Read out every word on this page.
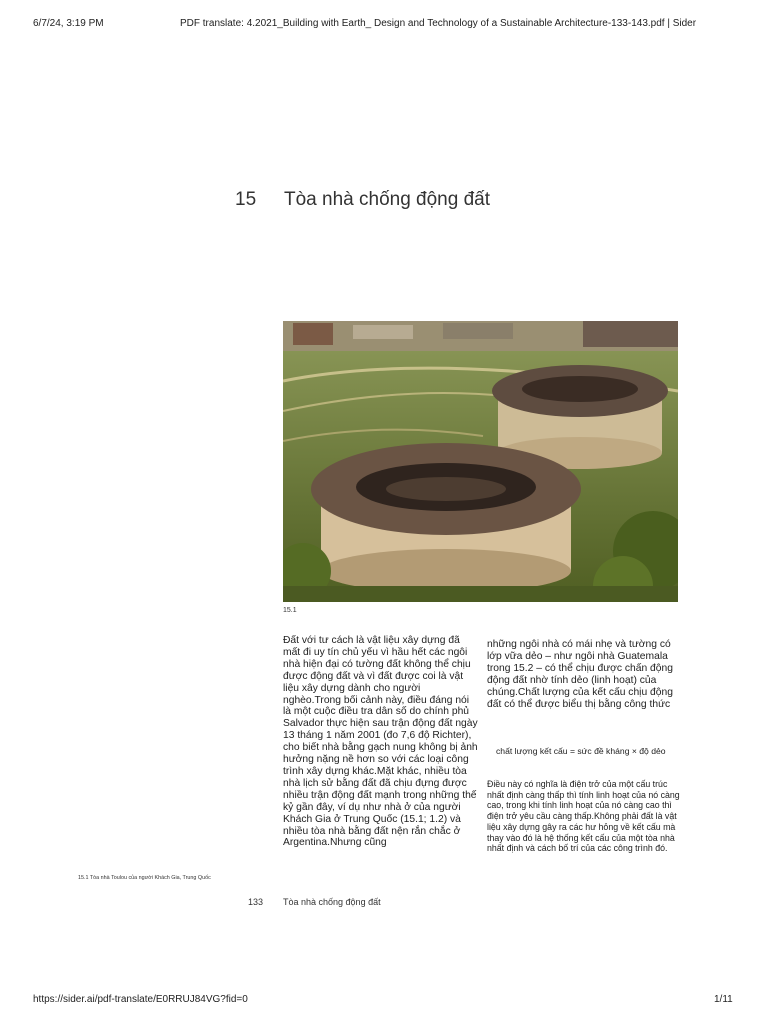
6/7/24, 3:19 PM	PDF translate: 4.2021_Building with Earth_ Design and Technology of a Sustainable Architecture-133-143.pdf | Sider
15 Tòa nhà chống động đất
15.1
Đất với tư cách là vật liệu xây dựng đã mất đi uy tín chủ yếu vì hầu hết các ngôi nhà hiện đại có tường đất không thể chịu được động đất và vì đất được coi là vật liệu xây dựng dành cho người nghèo.Trong bối cảnh này, điều đáng nói là một cuộc điều tra dân số do chính phủ Salvador thực hiện sau trận động đất ngày 13 tháng 1 năm 2001 (đo 7,6 độ Richter), cho biết nhà bằng gạch nung không bị ảnh hưởng nặng nề hơn so với các loại công trình xây dựng khác.Mặt khác, nhiều tòa nhà lịch sử bằng đất đã chịu đựng được nhiều trận động đất mạnh trong những thế kỷ gần đây, ví dụ như nhà ở của người Khách Gia ở Trung Quốc (15.1; 1.2) và nhiều tòa nhà bằng đất nện rắn chắc ở Argentina.Nhưng cũng
những ngôi nhà có mái nhẹ và tường có lớp vữa dẻo – như ngôi nhà Guatemala trong 15.2 – có thể chịu được chấn động động đất nhờ tính dẻo (linh hoạt) của chúng.Chất lượng của kết cấu chịu động đất có thể được biểu thị bằng công thức
chất lượng kết cấu = sức đề kháng × độ dẻo
Điều này có nghĩa là điện trở của một cấu trúc nhất định càng thấp thì tính linh hoạt của nó càng cao, trong khi tính linh hoạt của nó càng cao thì điện trở yêu cầu càng thấp.Không phải đất là vật liệu xây dựng gây ra các hư hỏng về kết cấu mà thay vào đó là hệ thống kết cấu của một tòa nhà nhất định và cách bố trí của các công trình đó.
15.1 Tòa nhà Toulou của người Khách Gia, Trung Quốc
133 Tòa nhà chống động đất
https://sider.ai/pdf-translate/E0RRUJ84VG?fid=0	1/11
